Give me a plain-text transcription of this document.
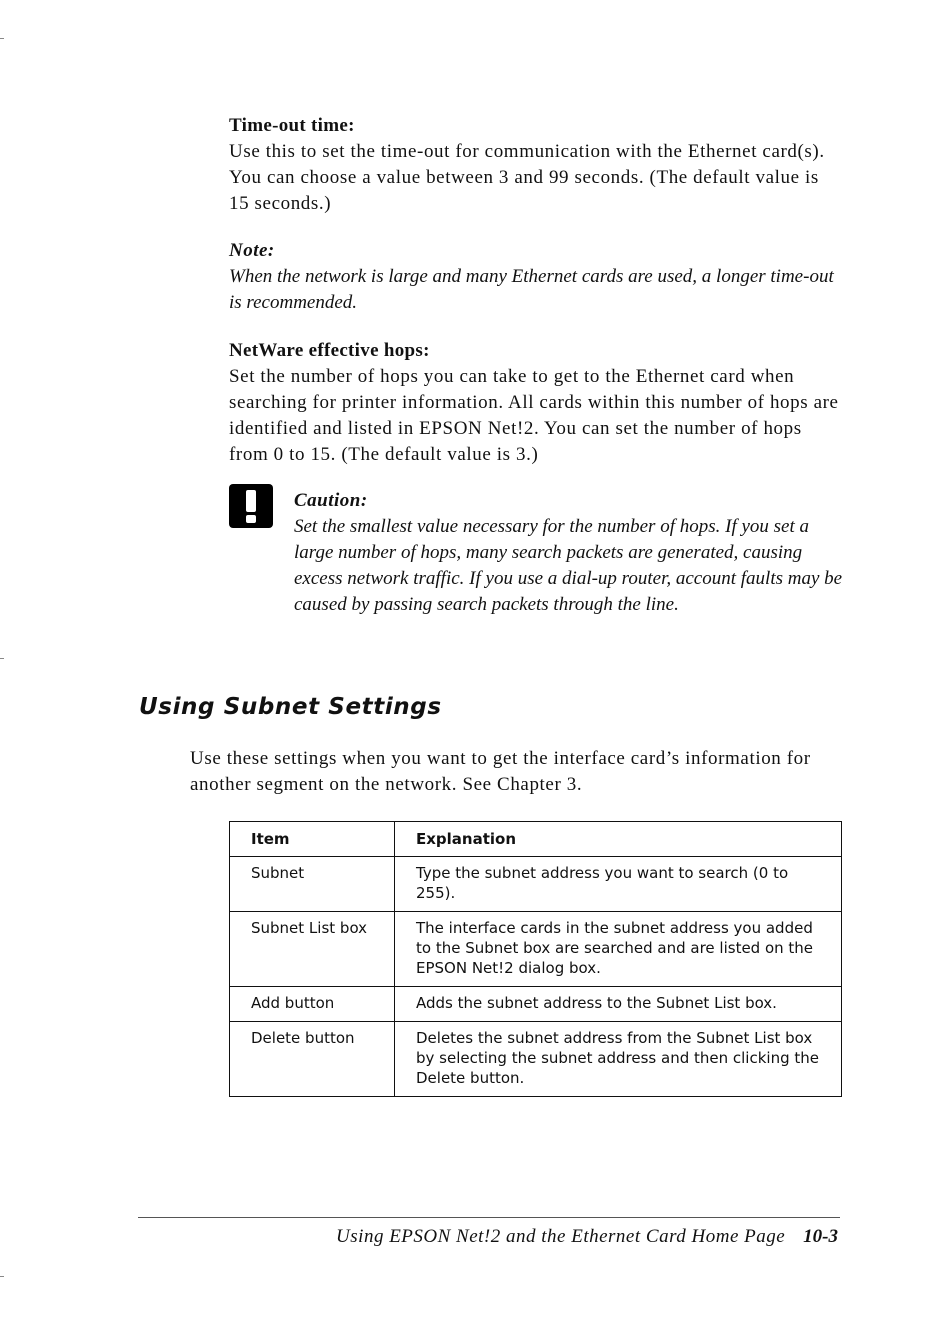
Time-out time:

Use this to set the time-out for communication with the Ethernet card(s). You can choose a value between 3 and 99 seconds. (The default value is 15 seconds.)

Note:

When the network is large and many Ethernet cards are used, a longer time-out is recommended.

NetWare effective hops:

Set the number of hops you can take to get to the Ethernet card when searching for printer information. All cards within this number of hops are identified and listed in EPSON Net!2. You can set the number of hops from 0 to 15. (The default value is 3.)

Caution:

Set the smallest value necessary for the number of hops. If you set a large number of hops, many search packets are generated, causing excess network traffic. If you use a dial-up router, account faults may be caused by passing search packets through the line.

Using Subnet Settings

Use these settings when you want to get the interface card’s information for another segment on the network. See Chapter 3.

Item	Explanation
Subnet	Type the subnet address you want to search (0 to 255).
Subnet List box	The interface cards in the subnet address you added to the Subnet box are searched and are listed on the EPSON Net!2 dialog box.
Add button	Adds the subnet address to the Subnet List box.
Delete button	Deletes the subnet address from the Subnet List box by selecting the subnet address and then clicking the Delete button.
Using EPSON Net!2 and the Ethernet Card Home Page 10-3
